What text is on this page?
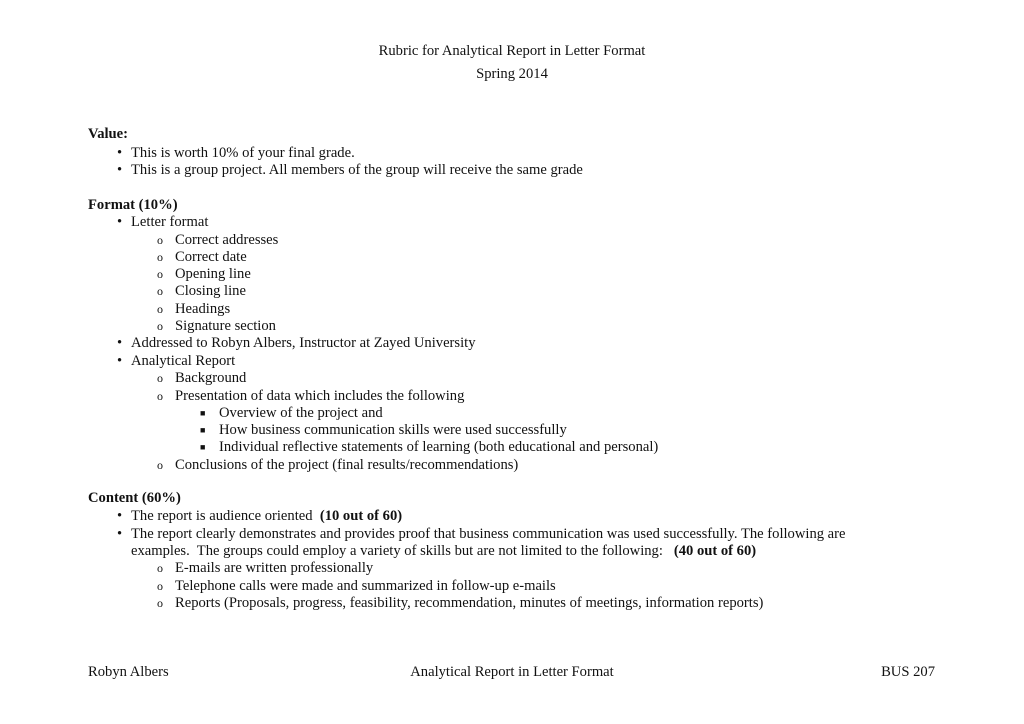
Rubric for Analytical Report in Letter Format
Spring 2014
Value:
• This is worth 10% of your final grade.
• This is a group project. All members of the group will receive the same grade
Format (10%)
• Letter format
o Correct addresses
o Correct date
o Opening line
o Closing line
o Headings
o Signature section
• Addressed to Robyn Albers, Instructor at Zayed University
• Analytical Report
o Background
o Presentation of data which includes the following
■ Overview of the project and
■ How business communication skills were used successfully
■ Individual reflective statements of learning (both educational and personal)
o Conclusions of the project (final results/recommendations)
Content (60%)
• The report is audience oriented  (10 out of 60)
• The report clearly demonstrates and provides proof that business communication was used successfully. The following are
examples.  The groups could employ a variety of skills but are not limited to the following:   (40 out of 60)
o E-mails are written professionally
o Telephone calls were made and summarized in follow-up e-mails
o Reports (Proposals, progress, feasibility, recommendation, minutes of meetings, information reports)
Robyn Albers	Analytical Report in Letter Format	BUS 207
